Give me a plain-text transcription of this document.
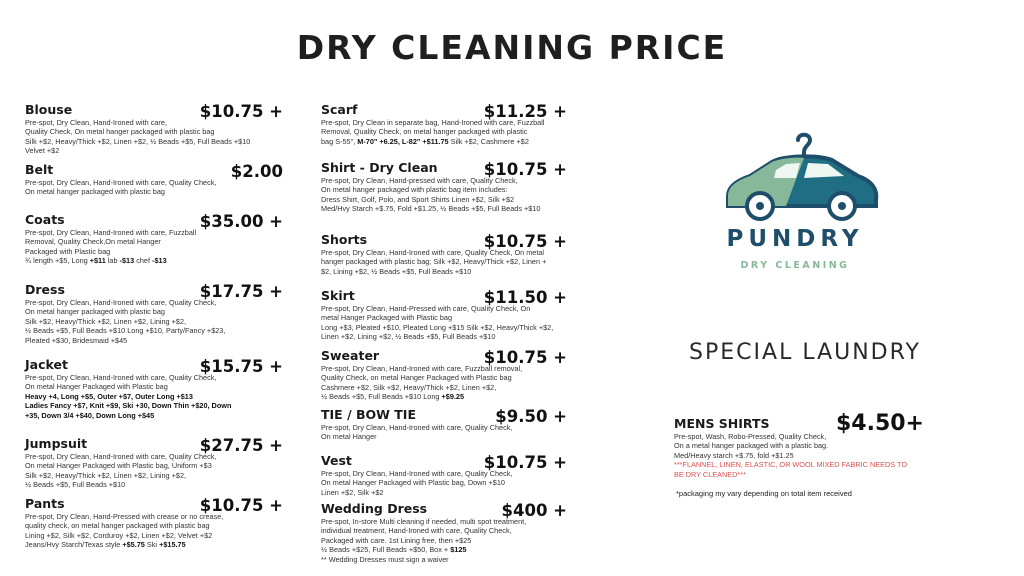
DRY CLEANING PRICE
Blouse	$10.75 +
Pre-spot, Dry Clean, Hand-Ironed with care,
Quality Check, On metal hanger packaged with plastic bag
Silk +$2, Heavy/Thick +$2, Linen +$2, ½ Beads +$5, Full Beads +$10
Velvet +$2
Belt	$2.00
Pre-spot, Dry Clean, Hand-Ironed with care, Quality Check,
On metal hanger packaged with plastic bag
Coats	$35.00 +
Pre-spot, Dry Clean, Hand-Ironed with care, Fuzzball
Removal, Quality Check,On metal Hanger
Packaged with Plastic bag
¾ length +$5, Long +$11 lab -$13 chef -$13
Dress	$17.75 +
Pre-spot, Dry Clean, Hand-Ironed with care, Quality Check,
On metal hanger packaged with plastic bag
Silk +$2, Heavy/Thick +$2, Linen +$2, Lining +$2,
½ Beads +$5, Full Beads +$10 Long +$10, Party/Fancy +$23,
Pleated +$30, Bridesmaid +$45
Jacket	$15.75 +
Pre-spot, Dry Clean, Hand-Ironed with care, Quality Check,
On metal Hanger Packaged with Plastic bag
Heavy +4, Long +$5, Outer +$7, Outer Long +$13
Ladies Fancy +$7, Knit +$9, Ski +30, Down Thin +$20, Down
+35, Down 3/4 +$40, Down Long +$45
Jumpsuit	$27.75 +
Pre-spot, Dry Clean, Hand-Ironed with care, Quality Check,
On metal Hanger Packaged with Plastic bag, Uniform +$3
Silk +$2, Heavy/Thick +$2, Linen +$2, Lining +$2,
½ Beads +$5, Full Beads +$10
Pants	$10.75 +
Pre-spot, Dry Clean, Hand-Pressed with crease or no crease,
quality check, on metal hanger packaged with plastic bag
Lining +$2, Silk +$2, Corduroy +$2, Linen +$2, Velvet +$2
Jeans/Hvy Starch/Texas style +$5.75 Ski +$15.75
Scarf	$11.25 +
Pre-spot, Dry Clean in separate bag, Hand-Ironed with care, Fuzzball
Removal, Quality Check, on metal hanger packaged with plastic
bag S-55", M-70" +6.25, L-82" +$11.75 Silk +$2, Cashmere +$2
Shirt - Dry Clean	$10.75 +
Pre-spot, Dry Clean, Hand-pressed with care, Quality Check,
On metal hanger packaged with plastic bag item includes:
Dress Shirt, Golf, Polo, and Sport Shirts Linen +$2, Silk +$2
Med/Hvy Starch +$.75, Fold +$1.25, ½ Beads +$5, Full Beads +$10
Shorts	$10.75 +
Pre-spot, Dry Clean, Hand-Ironed with care, Quality Check, On metal
hanger packaged with plastic bag; Silk +$2, Heavy/Thick +$2, Linen +
$2, Lining +$2, ½ Beads +$5, Full Beads +$10
Skirt	$11.50 +
Pre-spot, Dry Clean, Hand-Pressed with care, Quality Check, On
metal Hanger Packaged with Plastic bag
Long +$3, Pleated +$10, Pleated Long +$15 Silk +$2, Heavy/Thick +$2,
Linen +$2, Lining +$2, ½ Beads +$5, Full Beads +$10
Sweater	$10.75 +
Pre-spot, Dry Clean, Hand-Ironed with care, Fuzzball removal,
Quality Check, on metal Hanger Packaged with Plastic bag
Cashmere +$2, Silk +$2, Heavy/Thick +$2, Linen +$2,
½ Beads +$5, Full Beads +$10 Long +$9.25
TIE / BOW TIE	$9.50 +
Pre-spot, Dry Clean, Hand-Ironed with care, Quality Check,
On metal Hanger
Vest	$10.75 +
Pre-spot, Dry Clean, Hand-Ironed with care, Quality Check,
On metal Hanger Packaged with Plastic bag, Down +$10
Linen +$2, Silk +$2
Wedding Dress	$400 +
Pre-spot, In-store Multi cleaning if needed, multi spot treatment,
individual treatment, Hand-Ironed with care, Quality Check,
Packaged with care. 1st Lining free, then +$25
½ Beads +$25, Full Beads +$50, Box + $125
** Wedding Dresses must sign a waiver
PUNDRY
DRY CLEANING
SPECIAL LAUNDRY
MENS SHIRTS	$4.50+
Pre-spot, Wash, Robo-Pressed, Quality Check,
On a metal hanger packaged with a plastic bag.
Med/Heavy starch +$.75, fold +$1.25
***FLANNEL, LINEN, ELASTIC, OR WOOL MIXED FABRIC NEEDS TO
BE DRY CLEANED***
*packaging my vary depending on total item received
